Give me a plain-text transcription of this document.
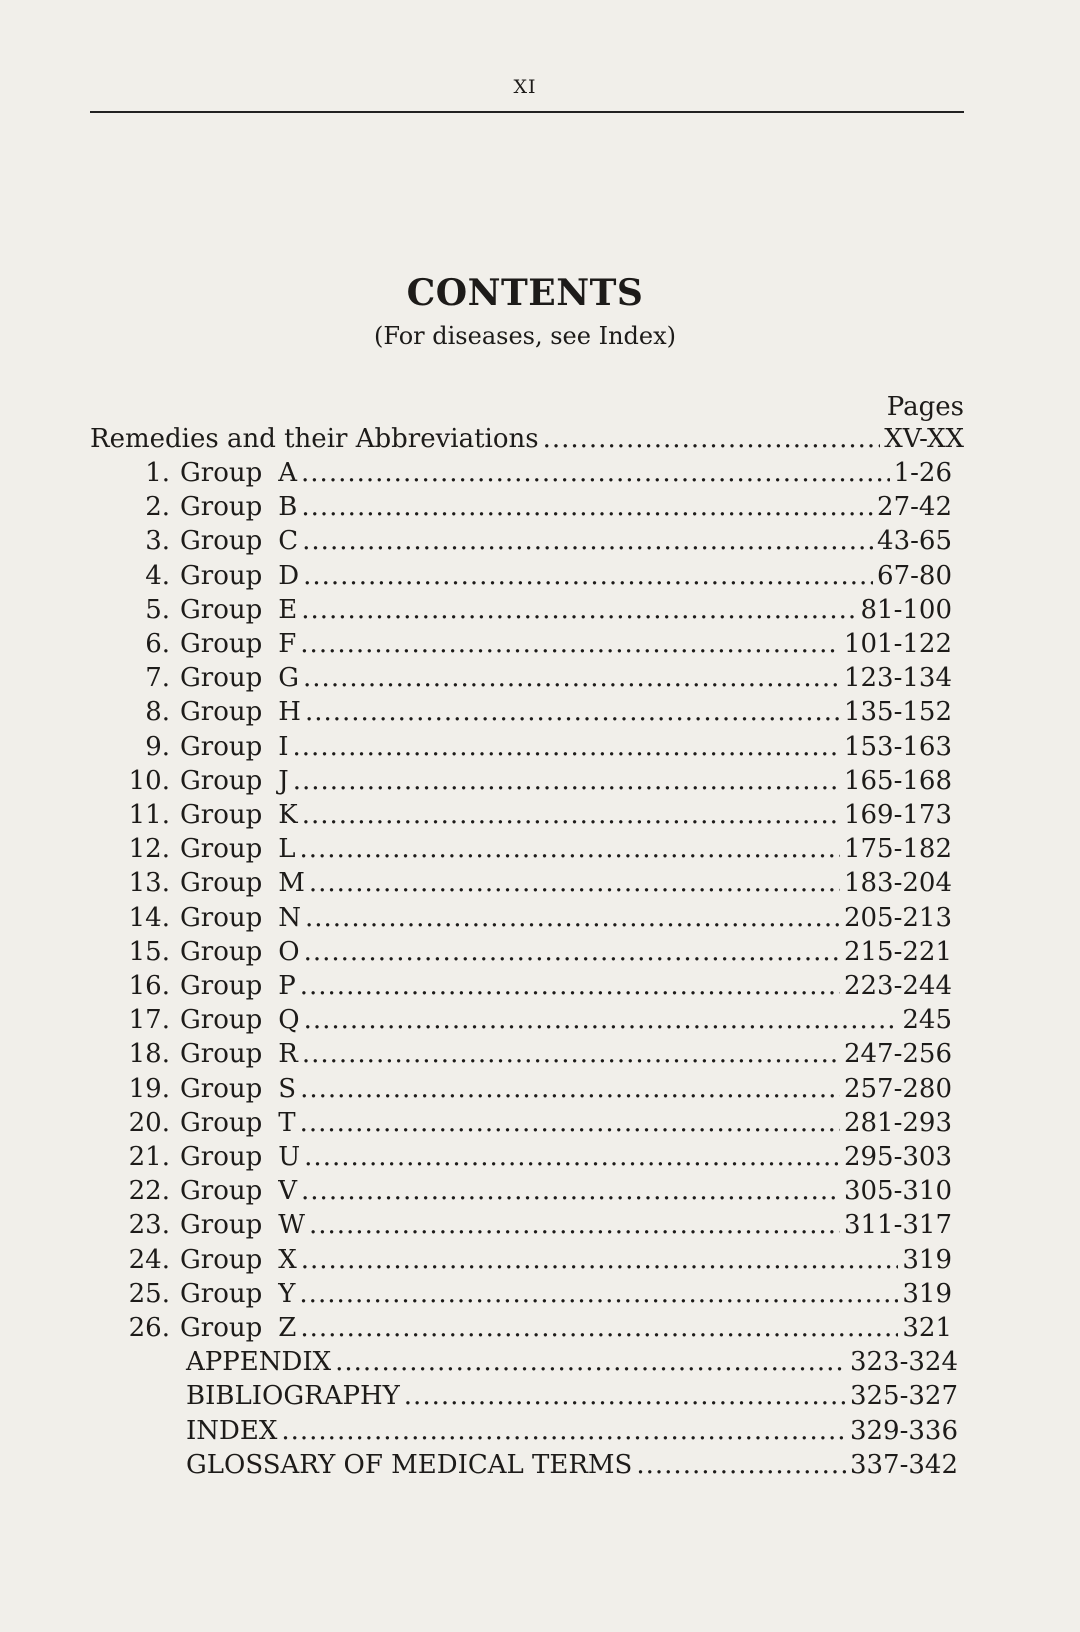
XI
CONTENTS
(For diseases, see Index)
Pages
Remedies and their Abbreviations .....	XV-XX
1. Group A .....	1-26
2. Group B .....	27-42
3. Group C .....	43-65
4. Group D .....	67-80
5. Group E .....	81-100
6. Group F .....	101-122
7. Group G .....	123-134
8. Group H .....	135-152
9. Group I .....	153-163
10. Group J .....	165-168
11. Group K .....	169-173
12. Group L .....	175-182
13. Group M .....	183-204
14. Group N .....	205-213
15. Group O .....	215-221
16. Group P .....	223-244
17. Group Q .....	245
18. Group R .....	247-256
19. Group S .....	257-280
20. Group T .....	281-293
21. Group U .....	295-303
22. Group V .....	305-310
23. Group W .....	311-317
24. Group X .....	319
25. Group Y .....	319
26. Group Z .....	321
APPENDIX .....	323-324
BIBLIOGRAPHY .....	325-327
INDEX .....	329-336
GLOSSARY OF MEDICAL TERMS .....	337-342
